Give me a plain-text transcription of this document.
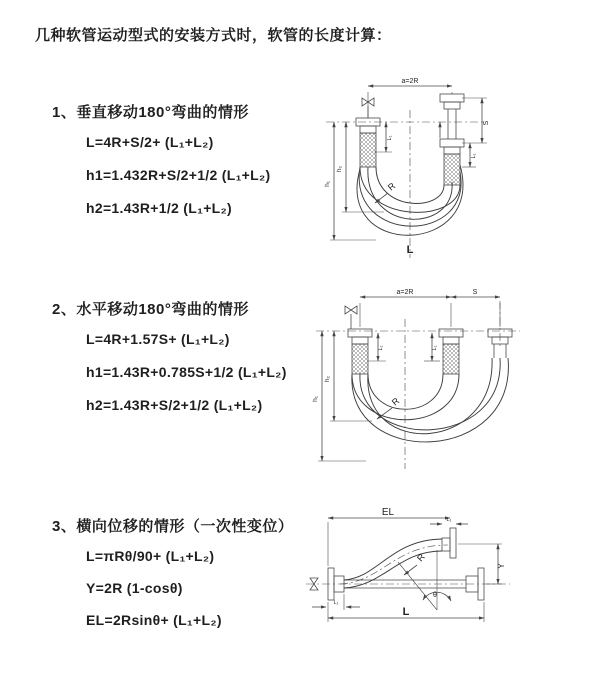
几种软管运动型式的安装方式时，软管的长度计算：
1、垂直移动180°弯曲的情形
L=4R+S/2+ (L₁+L₂)
h1=1.432R+S/2+1/2 (L₁+L₂)
h2=1.43R+1/2 (L₁+L₂)
2、水平移动180°弯曲的情形
L=4R+1.57S+ (L₁+L₂)
h1=1.43R+0.785S+1/2 (L₁+L₂)
h2=1.43R+S/2+1/2 (L₁+L₂)
3、横向位移的情形（一次性变位）
L=πRθ/90+ (L₁+L₂)
Y=2R (1-cosθ)
EL=2Rsinθ+ (L₁+L₂)
a=2R
S
L₁
L₁
h₁
h₂
R
L
a=2R	S
L₁	L₁
h₁
h₂
R
EL
L₁
Y
R
θ
L
L₁
